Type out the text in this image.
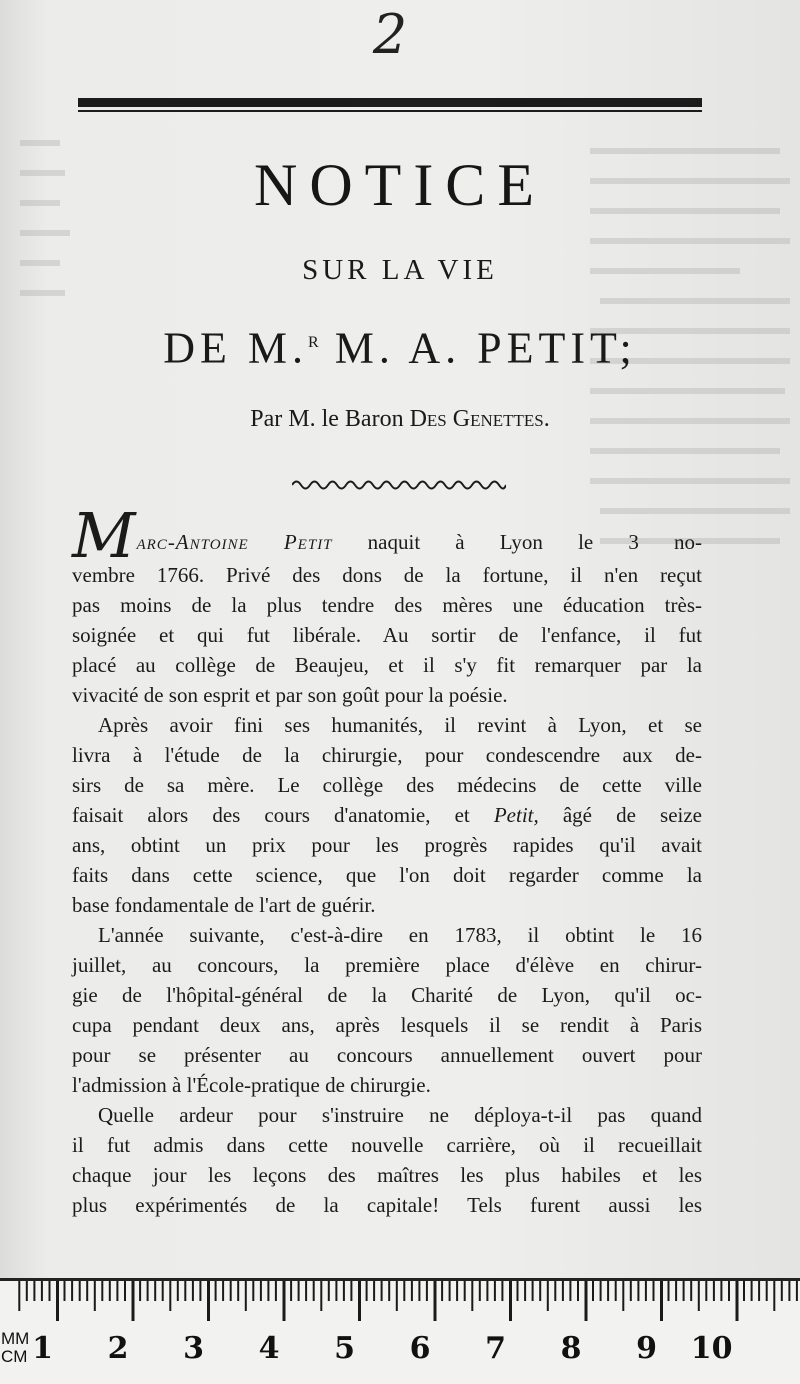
2
NOTICE
SUR LA VIE
DE M.$^R$ M. A. PETIT;
Par M. le Baron Des Genettes.
Marc-Antoine Petit naquit à Lyon le 3 no-
vembre 1766. Privé des dons de la fortune, il n'en reçut
pas moins de la plus tendre des mères une éducation très-
soignée et qui fut libérale. Au sortir de l'enfance, il fut
placé au collège de Beaujeu, et il s'y fit remarquer par la
vivacité de son esprit et par son goût pour la poésie.
Après avoir fini ses humanités, il revint à Lyon, et se
livra à l'étude de la chirurgie, pour condescendre aux de-
sirs de sa mère. Le collège des médecins de cette ville
faisait alors des cours d'anatomie, et Petit, âgé de seize
ans, obtint un prix pour les progrès rapides qu'il avait
faits dans cette science, que l'on doit regarder comme la
base fondamentale de l'art de guérir.
L'année suivante, c'est-à-dire en 1783, il obtint le 16
juillet, au concours, la première place d'élève en chirur-
gie de l'hôpital-général de la Charité de Lyon, qu'il oc-
cupa pendant deux ans, après lesquels il se rendit à Paris
pour se présenter au concours annuellement ouvert pour
l'admission à l'École-pratique de chirurgie.
Quelle ardeur pour s'instruire ne déploya-t-il pas quand
il fut admis dans cette nouvelle carrière, où il recueillait
chaque jour les leçons des maîtres les plus habiles et les
plus expérimentés de la capitale! Tels furent aussi les
1 2 3 4 5 6 7 8 9 10
MM
CM
